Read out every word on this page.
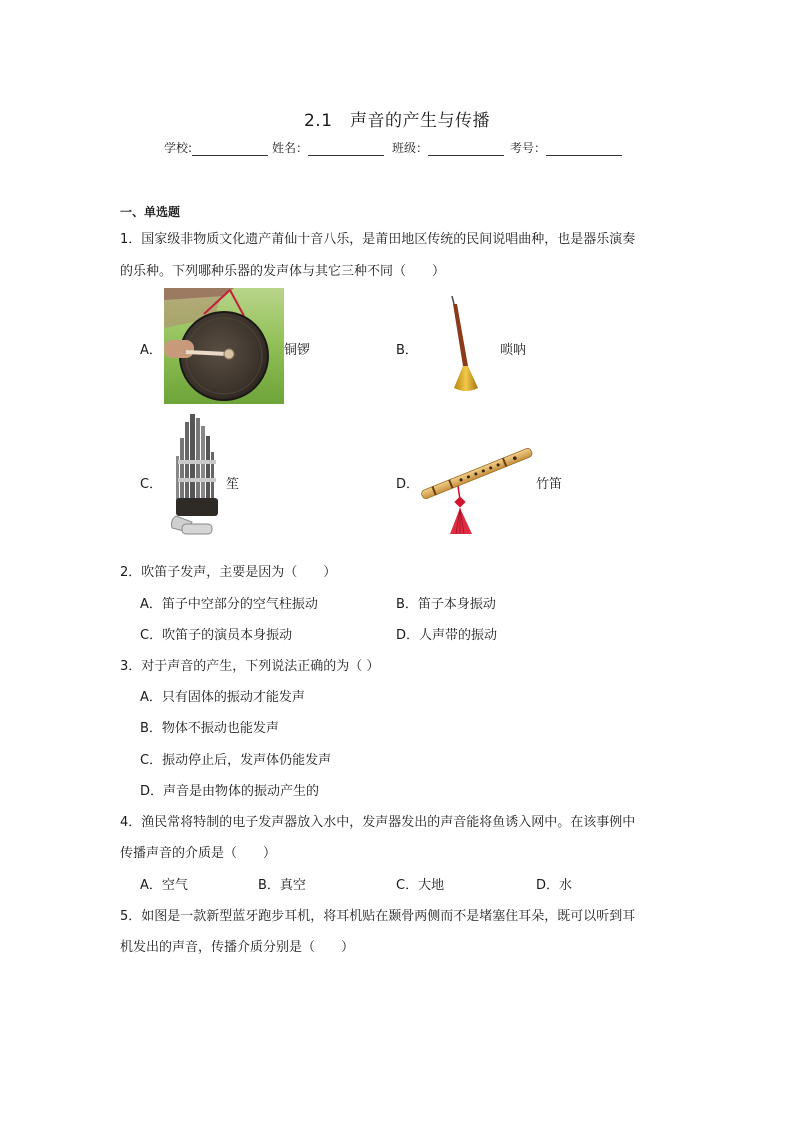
2.1　声音的产生与传播
学校:	姓名：	班级：	考号：
一、单选题
1．国家级非物质文化遗产莆仙十音八乐，是莆田地区传统的民间说唱曲种，也是器乐演奏
的乐种。下列哪种乐器的发声体与其它三种不同（　　）
A．	铜锣	B．	唢呐
C．	笙	D．	竹笛
2．吹笛子发声，主要是因为（　　）
A．笛子中空部分的空气柱振动	B．笛子本身振动
C．吹笛子的演员本身振动	D．人声带的振动
3．对于声音的产生，下列说法正确的为（ ）
A．只有固体的振动才能发声
B．物体不振动也能发声
C．振动停止后，发声体仍能发声
D．声音是由物体的振动产生的
4．渔民常将特制的电子发声器放入水中，发声器发出的声音能将鱼诱入网中。在该事例中
传播声音的介质是（　　）
A．空气	B．真空	C．大地	D．水
5．如图是一款新型蓝牙跑步耳机，将耳机贴在颞骨两侧而不是堵塞住耳朵，既可以听到耳
机发出的声音，传播介质分别是（　　）
